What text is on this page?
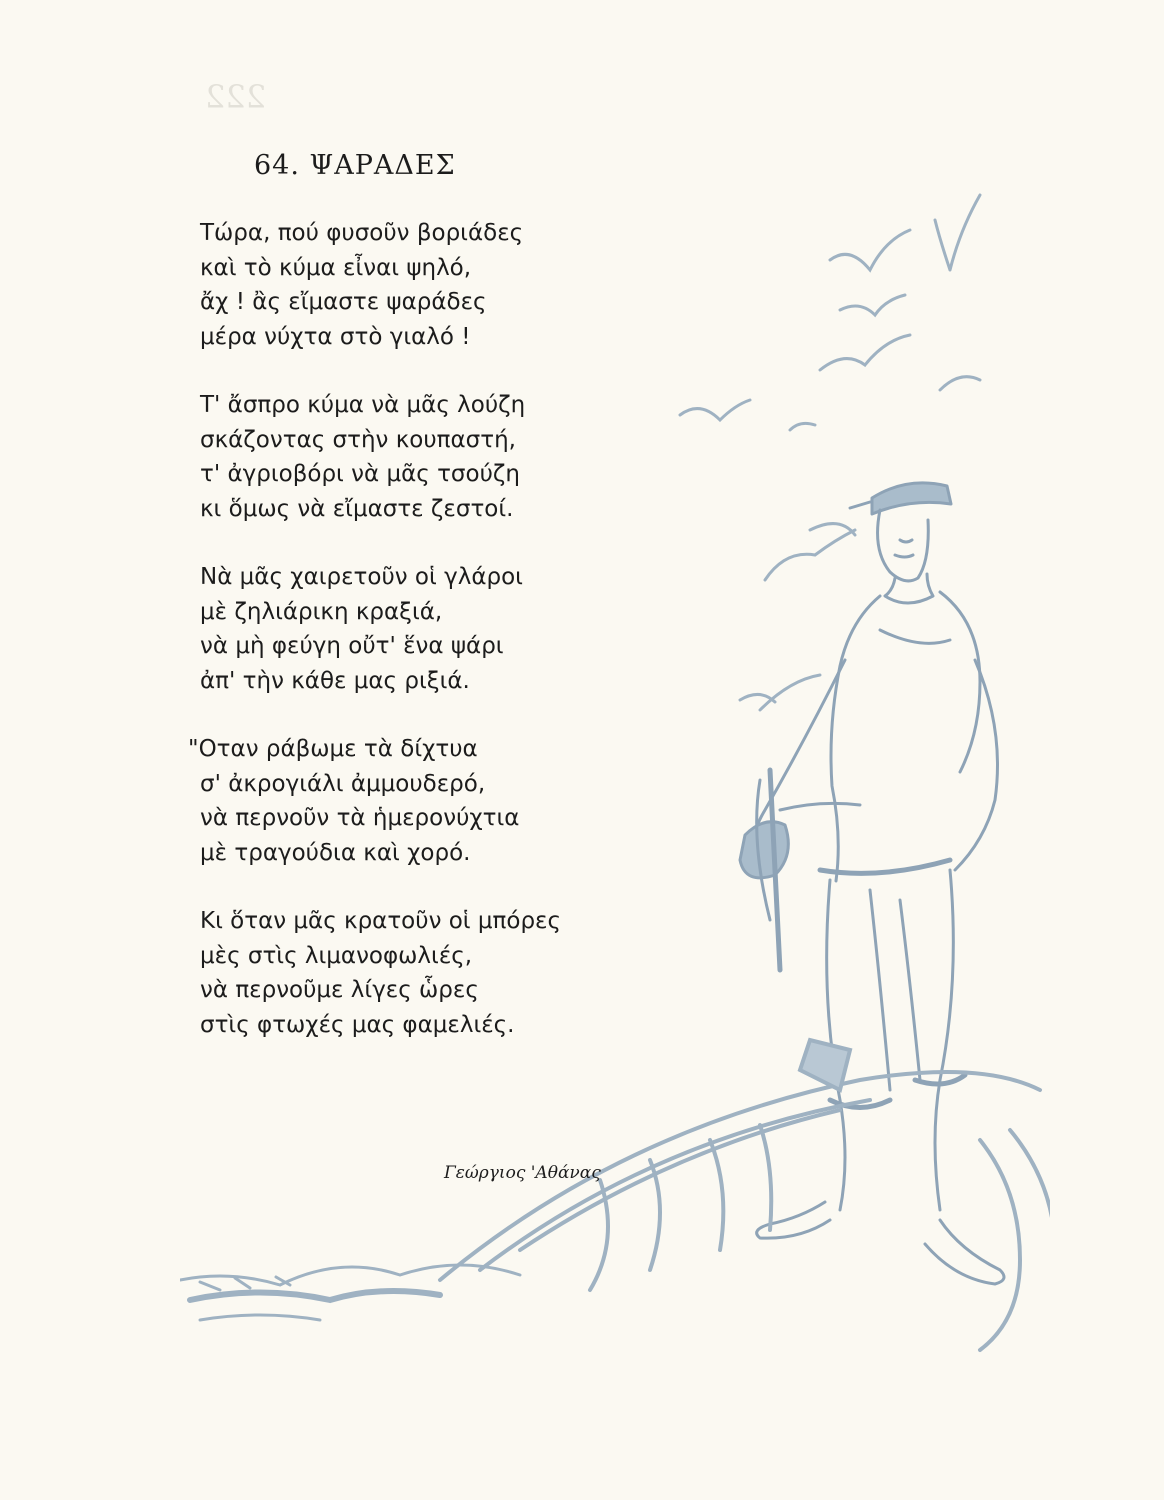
222
64. ΨΑΡΑΔΕΣ
Τώρα, πού φυσοῦν βοριάδες
καὶ τὸ κύμα εἶναι ψηλό,
ἄχ ! ἂς εἴμαστε ψαράδες
μέρα νύχτα στὸ γιαλό !
Τ' ἄσπρο κύμα νὰ μᾶς λούζη
σκάζοντας στὴν κουπαστή,
τ' ἀγριοβόρι νὰ μᾶς τσούζη
κι ὅμως νὰ εἴμαστε ζεστοί.
Νὰ μᾶς χαιρετοῦν οἱ γλάροι
μὲ ζηλιάρικη κραξιά,
νὰ μὴ φεύγη οὔτ' ἕνα ψάρι
ἀπ' τὴν κάθε μας ριξιά.
"Οταν ράβωμε τὰ δίχτυα
σ' ἀκρογιάλι ἀμμουδερό,
νὰ περνοῦν τὰ ἡμερονύχτια
μὲ τραγούδια καὶ χορό.
Κι ὅταν μᾶς κρατοῦν οἱ μπόρες
μὲς στὶς λιμανοφωλιές,
νὰ περνοῦμε λίγες ὧρες
στὶς φτωχές μας φαμελιές.
Γεώργιος 'Αθάνας
